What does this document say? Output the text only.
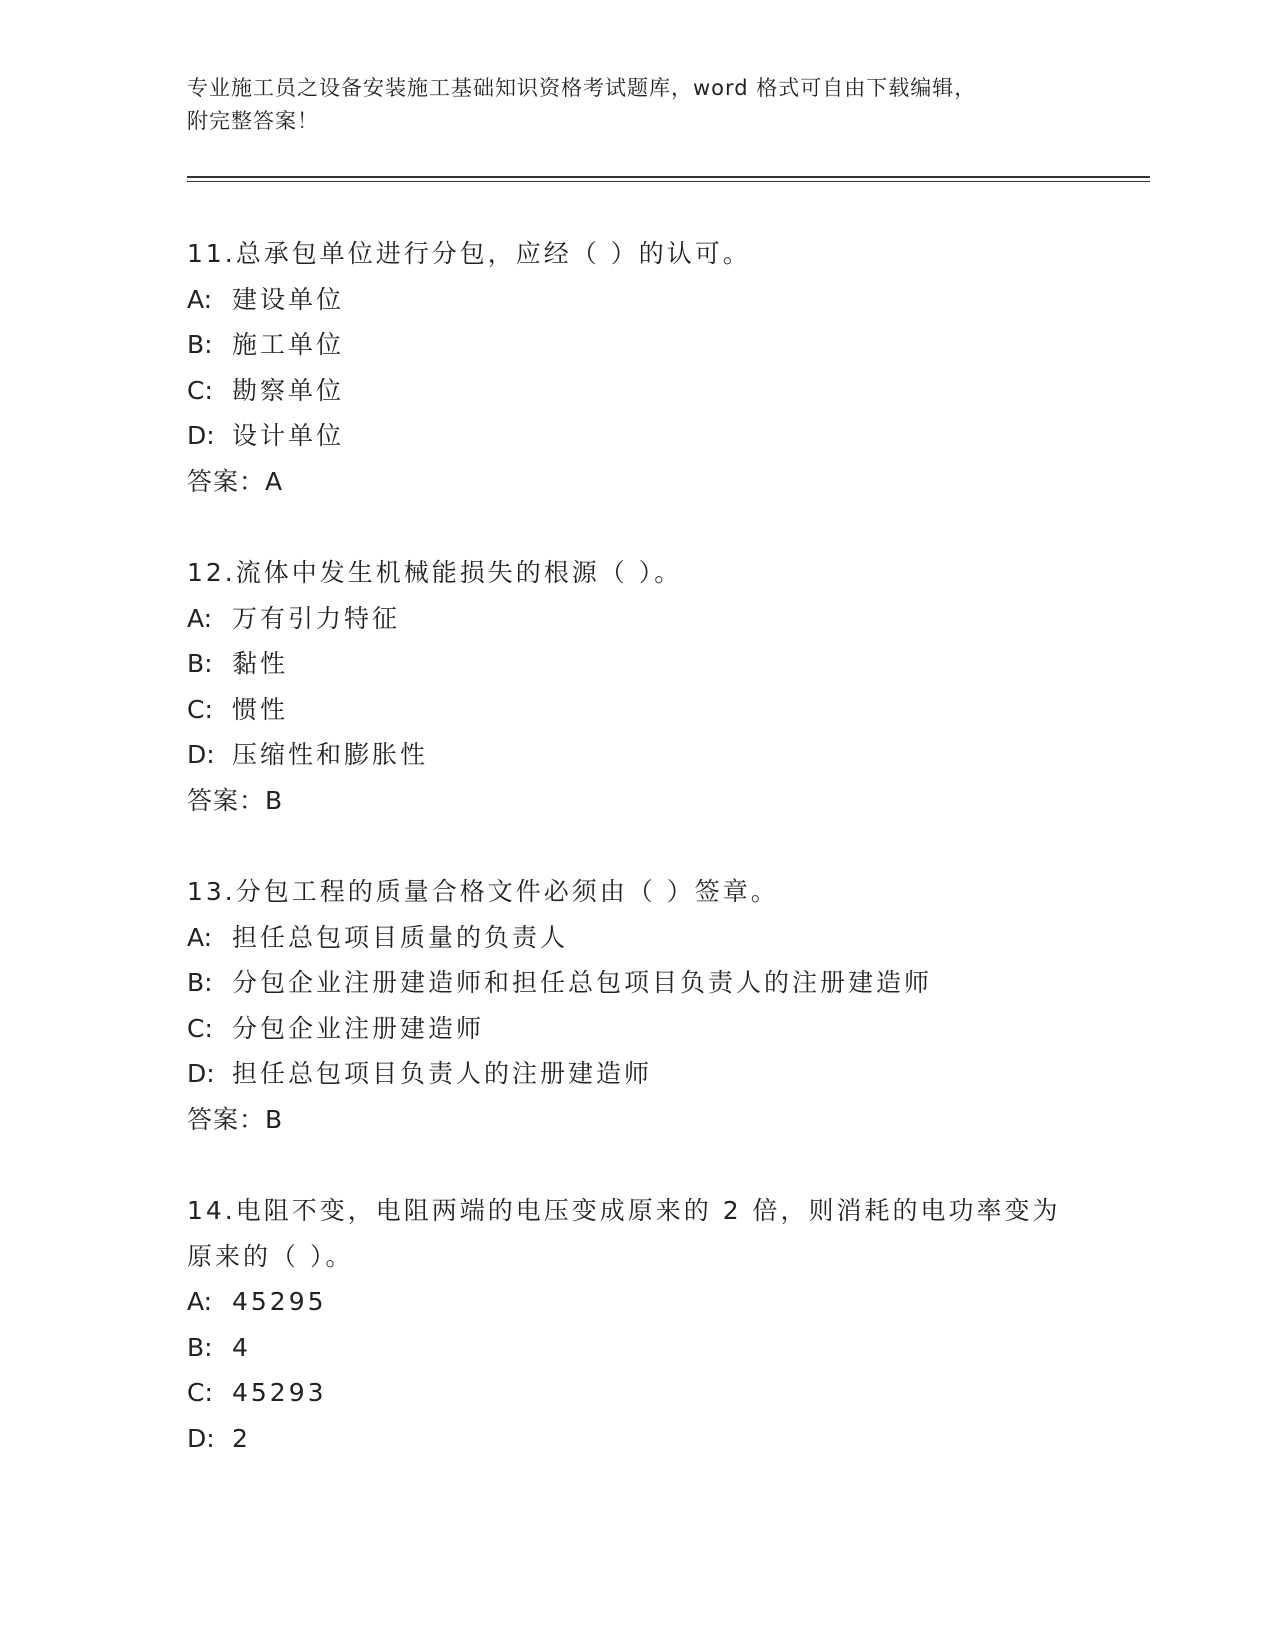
专业施工员之设备安装施工基础知识资格考试题库，word 格式可自由下载编辑，
附完整答案！
11.总承包单位进行分包，应经（ ）的认可。
A: 建设单位
B: 施工单位
C: 勘察单位
D: 设计单位
答案：A
12.流体中发生机械能损失的根源（ ）。
A: 万有引力特征
B: 黏性
C: 惯性
D: 压缩性和膨胀性
答案：B
13.分包工程的质量合格文件必须由（ ）签章。
A: 担任总包项目质量的负责人
B: 分包企业注册建造师和担任总包项目负责人的注册建造师
C: 分包企业注册建造师
D: 担任总包项目负责人的注册建造师
答案：B
14.电阻不变，电阻两端的电压变成原来的 2 倍，则消耗的电功率变为
原来的（ ）。
A: 45295
B: 4
C: 45293
D: 2
